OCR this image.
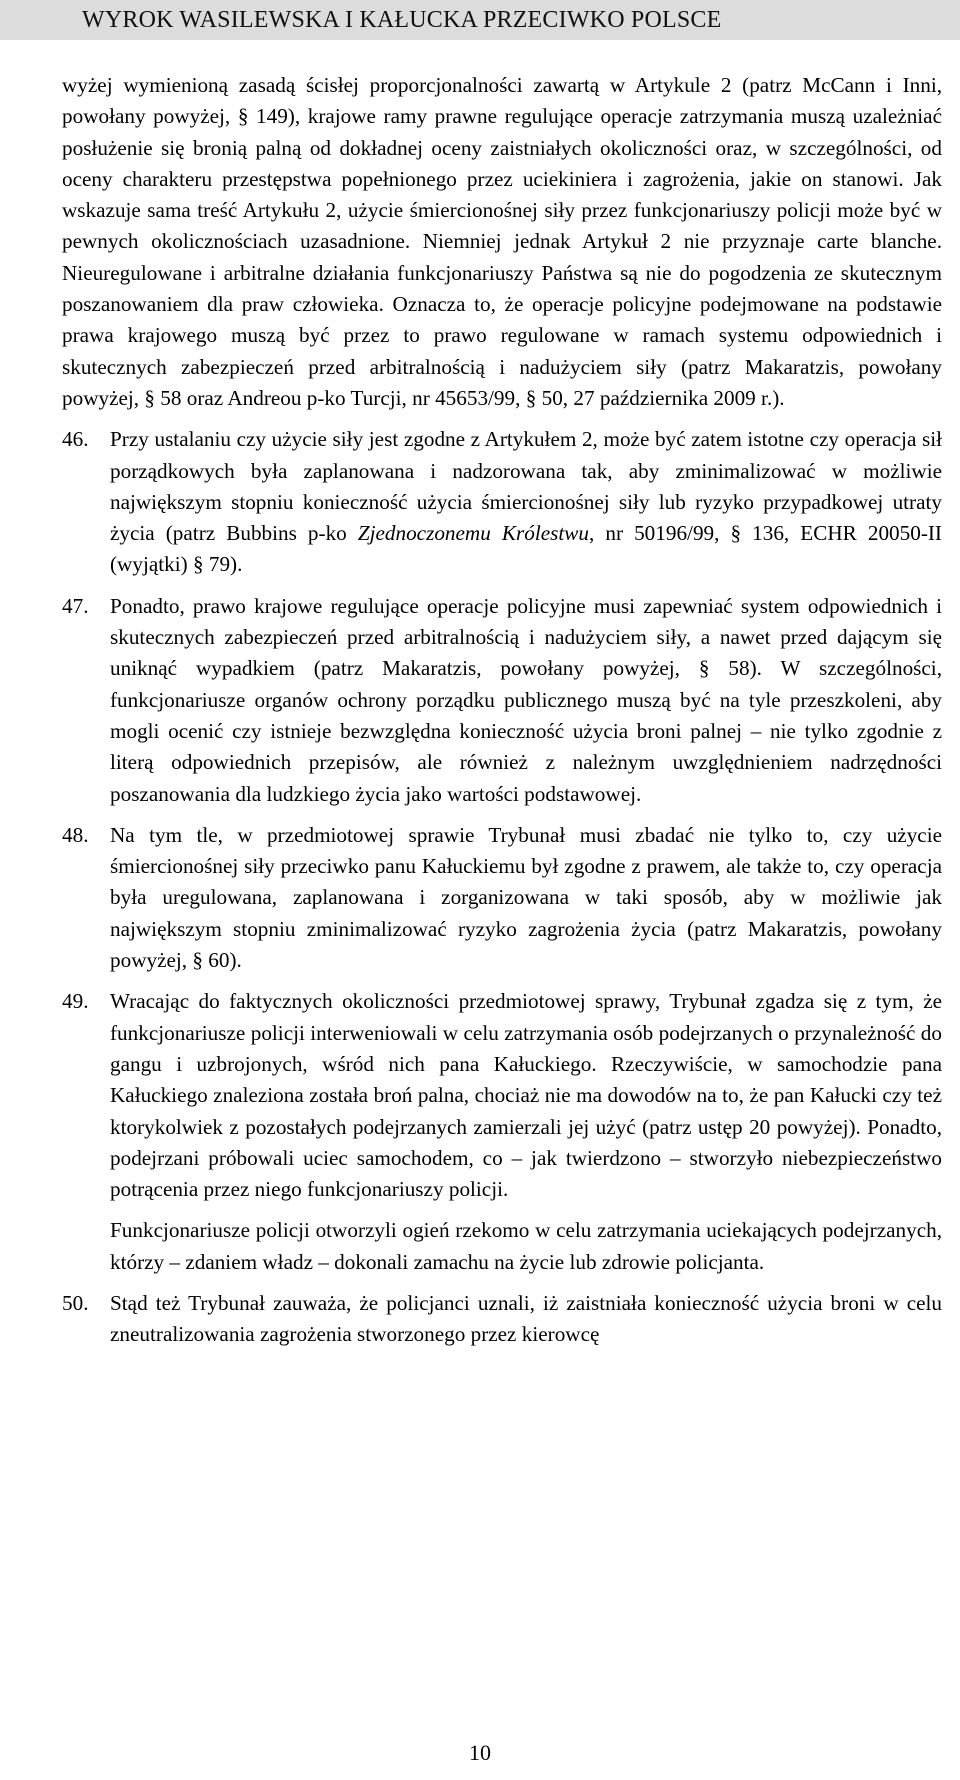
WYROK WASILEWSKA I KAŁUCKA PRZECIWKO POLSCE

wyżej wymienioną zasadą ścisłej proporcjonalności zawartą w Artykule 2 (patrz McCann i Inni, powołany powyżej, § 149), krajowe ramy prawne regulujące operacje zatrzymania muszą uzależniać posłużenie się bronią palną od dokładnej oceny zaistniałych okoliczności oraz, w szczególności, od oceny charakteru przestępstwa popełnionego przez uciekiniera i zagrożenia, jakie on stanowi. Jak wskazuje sama treść Artykułu 2, użycie śmiercionośnej siły przez funkcjonariuszy policji może być w pewnych okolicznościach uzasadnione. Niemniej jednak Artykuł 2 nie przyznaje carte blanche. Nieuregulowane i arbitralne działania funkcjonariuszy Państwa są nie do pogodzenia ze skutecznym poszanowaniem dla praw człowieka. Oznacza to, że operacje policyjne podejmowane na podstawie prawa krajowego muszą być przez to prawo regulowane w ramach systemu odpowiednich i skutecznych zabezpieczeń przed arbitralnością i nadużyciem siły (patrz Makaratzis, powołany powyżej, § 58 oraz Andreou p-ko Turcji, nr 45653/99, § 50, 27 października 2009 r.).

46.	Przy ustalaniu czy użycie siły jest zgodne z Artykułem 2, może być zatem istotne czy operacja sił porządkowych była zaplanowana i nadzorowana tak, aby zminimalizować w możliwie największym stopniu konieczność użycia śmiercionośnej siły lub ryzyko przypadkowej utraty życia (patrz Bubbins p-ko Zjednoczonemu Królestwu, nr 50196/99, § 136, ECHR 20050-II (wyjątki) § 79).
47.	Ponadto, prawo krajowe regulujące operacje policyjne musi zapewniać system odpowiednich i skutecznych zabezpieczeń przed arbitralnością i nadużyciem siły, a nawet przed dającym się uniknąć wypadkiem (patrz Makaratzis, powołany powyżej, § 58). W szczególności, funkcjonariusze organów ochrony porządku publicznego muszą być na tyle przeszkoleni, aby mogli ocenić czy istnieje bezwzględna konieczność użycia broni palnej – nie tylko zgodnie z literą odpowiednich przepisów, ale również z należnym uwzględnieniem nadrzędności poszanowania dla ludzkiego życia jako wartości podstawowej.
48.	Na tym tle, w przedmiotowej sprawie Trybunał musi zbadać nie tylko to, czy użycie śmiercionośnej siły przeciwko panu Kałuckiemu był zgodne z prawem, ale także to, czy operacja była uregulowana, zaplanowana i zorganizowana w taki sposób, aby w możliwie jak największym stopniu zminimalizować ryzyko zagrożenia życia (patrz Makaratzis, powołany powyżej, § 60).
49.	Wracając do faktycznych okoliczności przedmiotowej sprawy, Trybunał zgadza się z tym, że funkcjonariusze policji interweniowali w celu zatrzymania osób podejrzanych o przynależność do gangu i uzbrojonych, wśród nich pana Kałuckiego. Rzeczywiście, w samochodzie pana Kałuckiego znaleziona została broń palna, chociaż nie ma dowodów na to, że pan Kałucki czy też ktorykolwiek z pozostałych podejrzanych zamierzali jej użyć (patrz ustęp 20 powyżej). Ponadto, podejrzani próbowali uciec samochodem, co – jak twierdzono – stworzyło niebezpieczeństwo potrącenia przez niego funkcjonariuszy policji.

Funkcjonariusze policji otworzyli ogień rzekomo w celu zatrzymania uciekających podejrzanych, którzy – zdaniem władz – dokonali zamachu na życie lub zdrowie policjanta.

50.	Stąd też Trybunał zauważa, że policjanci uznali, iż zaistniała konieczność użycia broni w celu zneutralizowania zagrożenia stworzonego przez kierowcę
10
